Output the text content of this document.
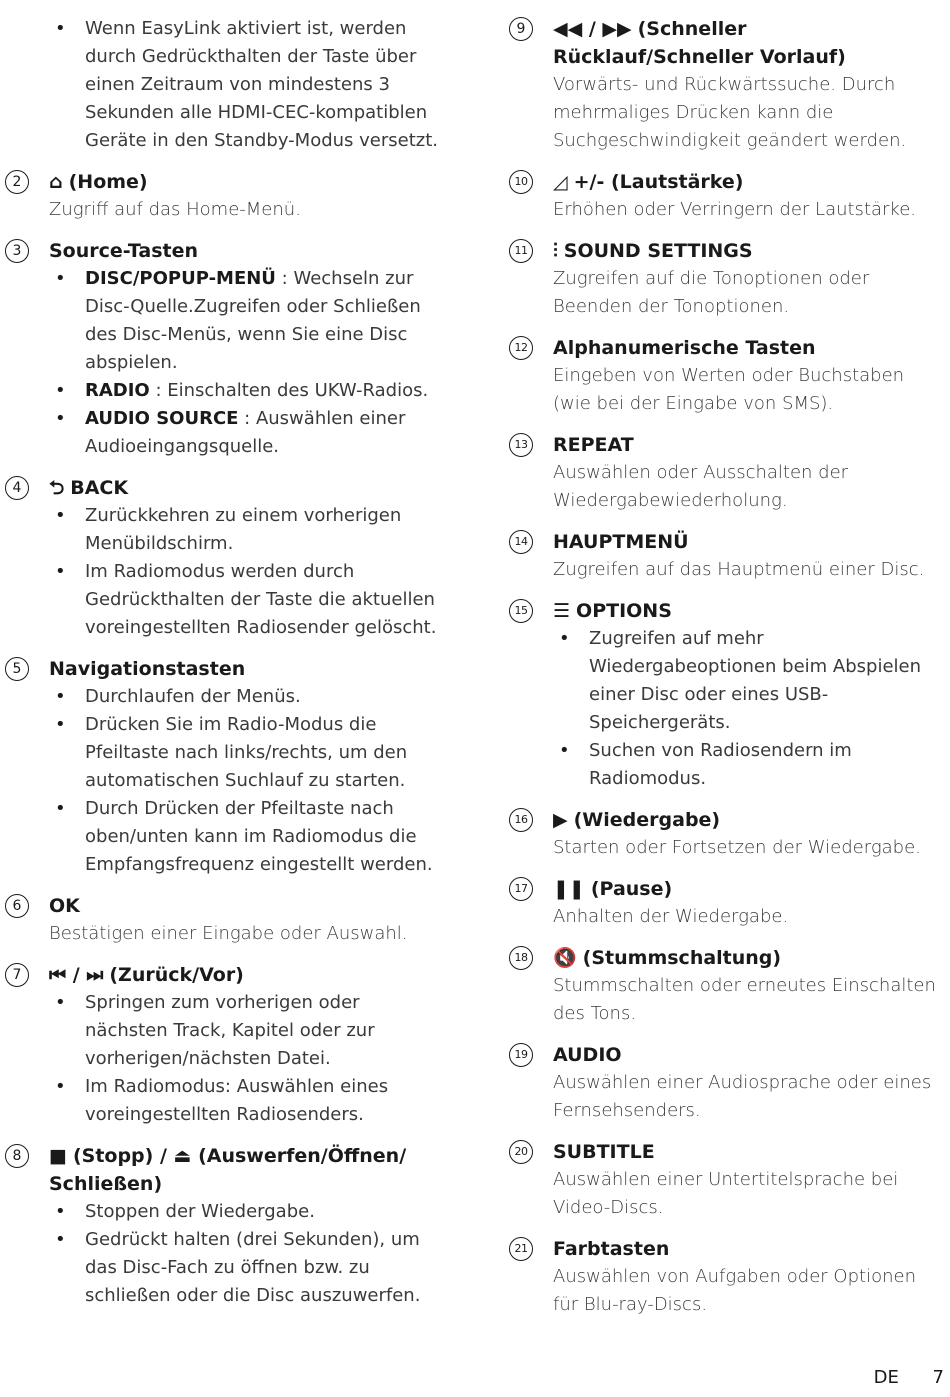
• Wenn EasyLink aktiviert ist, werden durch Gedrückthalten der Taste über einen Zeitraum von mindestens 3 Sekunden alle HDMI-CEC-kompatiblen Geräte in den Standby-Modus versetzt.
2	⌂ (Home)
Zugriff auf das Home-Menü.
3	Source-Tasten
• DISC/POPUP-MENÜ : Wechseln zur Disc-Quelle.Zugreifen oder Schließen des Disc-Menüs, wenn Sie eine Disc abspielen.
• RADIO : Einschalten des UKW-Radios.
• AUDIO SOURCE : Auswählen einer Audioeingangsquelle.
4	⮌ BACK
• Zurückkehren zu einem vorherigen Menübildschirm.
• Im Radiomodus werden durch Gedrückthalten der Taste die aktuellen voreingestellten Radiosender gelöscht.
5	Navigationstasten
• Durchlaufen der Menüs.
• Drücken Sie im Radio-Modus die Pfeiltaste nach links/rechts, um den automatischen Suchlauf zu starten.
• Durch Drücken der Pfeiltaste nach oben/unten kann im Radiomodus die Empfangsfrequenz eingestellt werden.
6	OK
Bestätigen einer Eingabe oder Auswahl.
7	⏮ / ⏭ (Zurück/Vor)
• Springen zum vorherigen oder nächsten Track, Kapitel oder zur vorherigen/nächsten Datei.
• Im Radiomodus: Auswählen eines voreingestellten Radiosenders.
8	■ (Stopp) / ⏏ (Auswerfen/Öffnen/ Schließen)
• Stoppen der Wiedergabe.
• Gedrückt halten (drei Sekunden), um das Disc-Fach zu öffnen bzw. zu schließen oder die Disc auszuwerfen.
9	◀◀ / ▶▶ (Schneller Rücklauf/Schneller Vorlauf)
Vorwärts- und Rückwärtssuche. Durch mehrmaliges Drücken kann die Suchgeschwindigkeit geändert werden.
10 ◿ +/- (Lautstärke)
Erhöhen oder Verringern der Lautstärke.
11 ⫶ SOUND SETTINGS
Zugreifen auf die Tonoptionen oder Beenden der Tonoptionen.
12 Alphanumerische Tasten
Eingeben von Werten oder Buchstaben (wie bei der Eingabe von SMS).
13 REPEAT
Auswählen oder Ausschalten der Wiedergabewiederholung.
14 HAUPTMENÜ
Zugreifen auf das Hauptmenü einer Disc.
15 ☰ OPTIONS
• Zugreifen auf mehr Wiedergabeoptionen beim Abspielen einer Disc oder eines USB-Speichergeräts.
• Suchen von Radiosendern im Radiomodus.
16 ▶ (Wiedergabe)
Starten oder Fortsetzen der Wiedergabe.
17 ❚❚ (Pause)
Anhalten der Wiedergabe.
18 🔇 (Stummschaltung)
Stummschalten oder erneutes Einschalten des Tons.
19 AUDIO
Auswählen einer Audiosprache oder eines Fernsehsenders.
20 SUBTITLE
Auswählen einer Untertitelsprache bei Video-Discs.
21 Farbtasten
Auswählen von Aufgaben oder Optionen für Blu-ray-Discs.
DE 7
